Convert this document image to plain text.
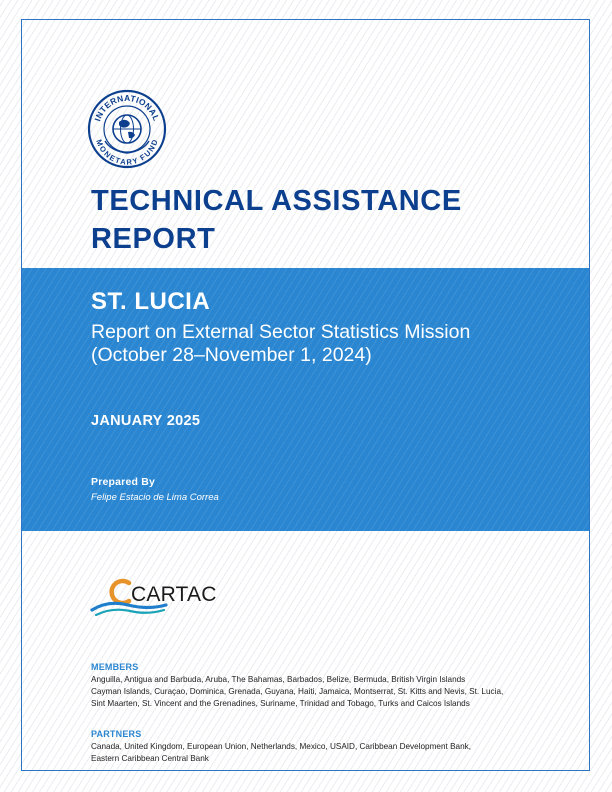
INTERNATIONAL
MONETARY FUND
TECHNICAL ASSISTANCE
REPORT

ST. LUCIA

Report on External Sector Statistics Mission
(October 28–November 1, 2024)

JANUARY 2025

Prepared By

Felipe Estacio de Lima Correa

CARTAC

MEMBERS

Anguilla, Antigua and Barbuda, Aruba, The Bahamas, Barbados, Belize, Bermuda, British Virgin Islands
Cayman Islands, Curaçao, Dominica, Grenada, Guyana, Haiti, Jamaica, Montserrat, St. Kitts and Nevis, St. Lucia,
Sint Maarten, St. Vincent and the Grenadines, Suriname, Trinidad and Tobago, Turks and Caicos Islands

PARTNERS

Canada, United Kingdom, European Union, Netherlands, Mexico, USAID, Caribbean Development Bank,
Eastern Caribbean Central Bank
